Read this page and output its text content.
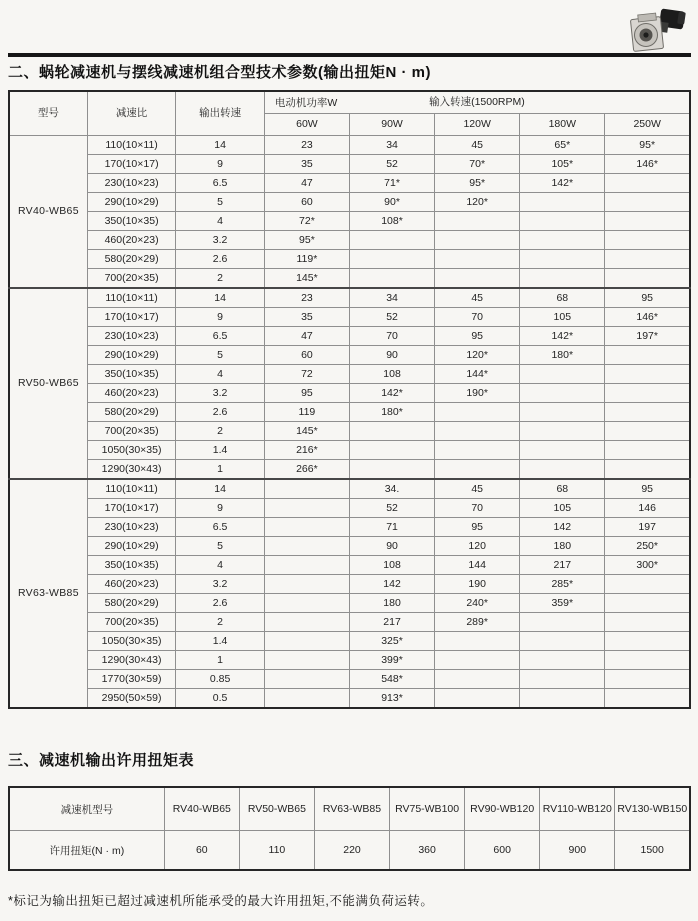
二、蜗轮减速机与摆线减速机组合型技术参数(输出扭矩N · m)
型号	减速比	输出转速	电动机功率W 输入转速(1500RPM)				
			60W	90W	120W	180W	250W
RV40-WB65	110(10×11)	14	23	34	45	65*	95*
	170(10×17)	9	35	52	70*	105*	146*
	230(10×23)	6.5	47	71*	95*	142*	
	290(10×29)	5	60	90*	120*		
	350(10×35)	4	72*	108*			
	460(20×23)	3.2	95*				
	580(20×29)	2.6	119*				
	700(20×35)	2	145*				
RV50-WB65	110(10×11)	14	23	34	45	68	95
	170(10×17)	9	35	52	70	105	146*
	230(10×23)	6.5	47	70	95	142*	197*
	290(10×29)	5	60	90	120*	180*	
	350(10×35)	4	72	108	144*		
	460(20×23)	3.2	95	142*	190*		
	580(20×29)	2.6	119	180*			
	700(20×35)	2	145*				
	1050(30×35)	1.4	216*				
	1290(30×43)	1	266*				
RV63-WB85	110(10×11)	14		34.	45	68	95
	170(10×17)	9		52	70	105	146
	230(10×23)	6.5		71	95	142	197
	290(10×29)	5		90	120	180	250*
	350(10×35)	4		108	144	217	300*
	460(20×23)	3.2		142	190	285*	
	580(20×29)	2.6		180	240*	359*	
	700(20×35)	2		217	289*		
	1050(30×35)	1.4		325*			
	1290(30×43)	1		399*			
	1770(30×59)	0.85		548*			
	2950(50×59)	0.5		913*			
三、减速机输出许用扭矩表
减速机型号	RV40-WB65	RV50-WB65	RV63-WB85	RV75-WB100	RV90-WB120	RV110-WB120	RV130-WB150
许用扭矩(N · m)	60	110	220	360	600	900	1500

*标记为输出扭矩已超过减速机所能承受的最大许用扭矩,不能满负荷运转。
